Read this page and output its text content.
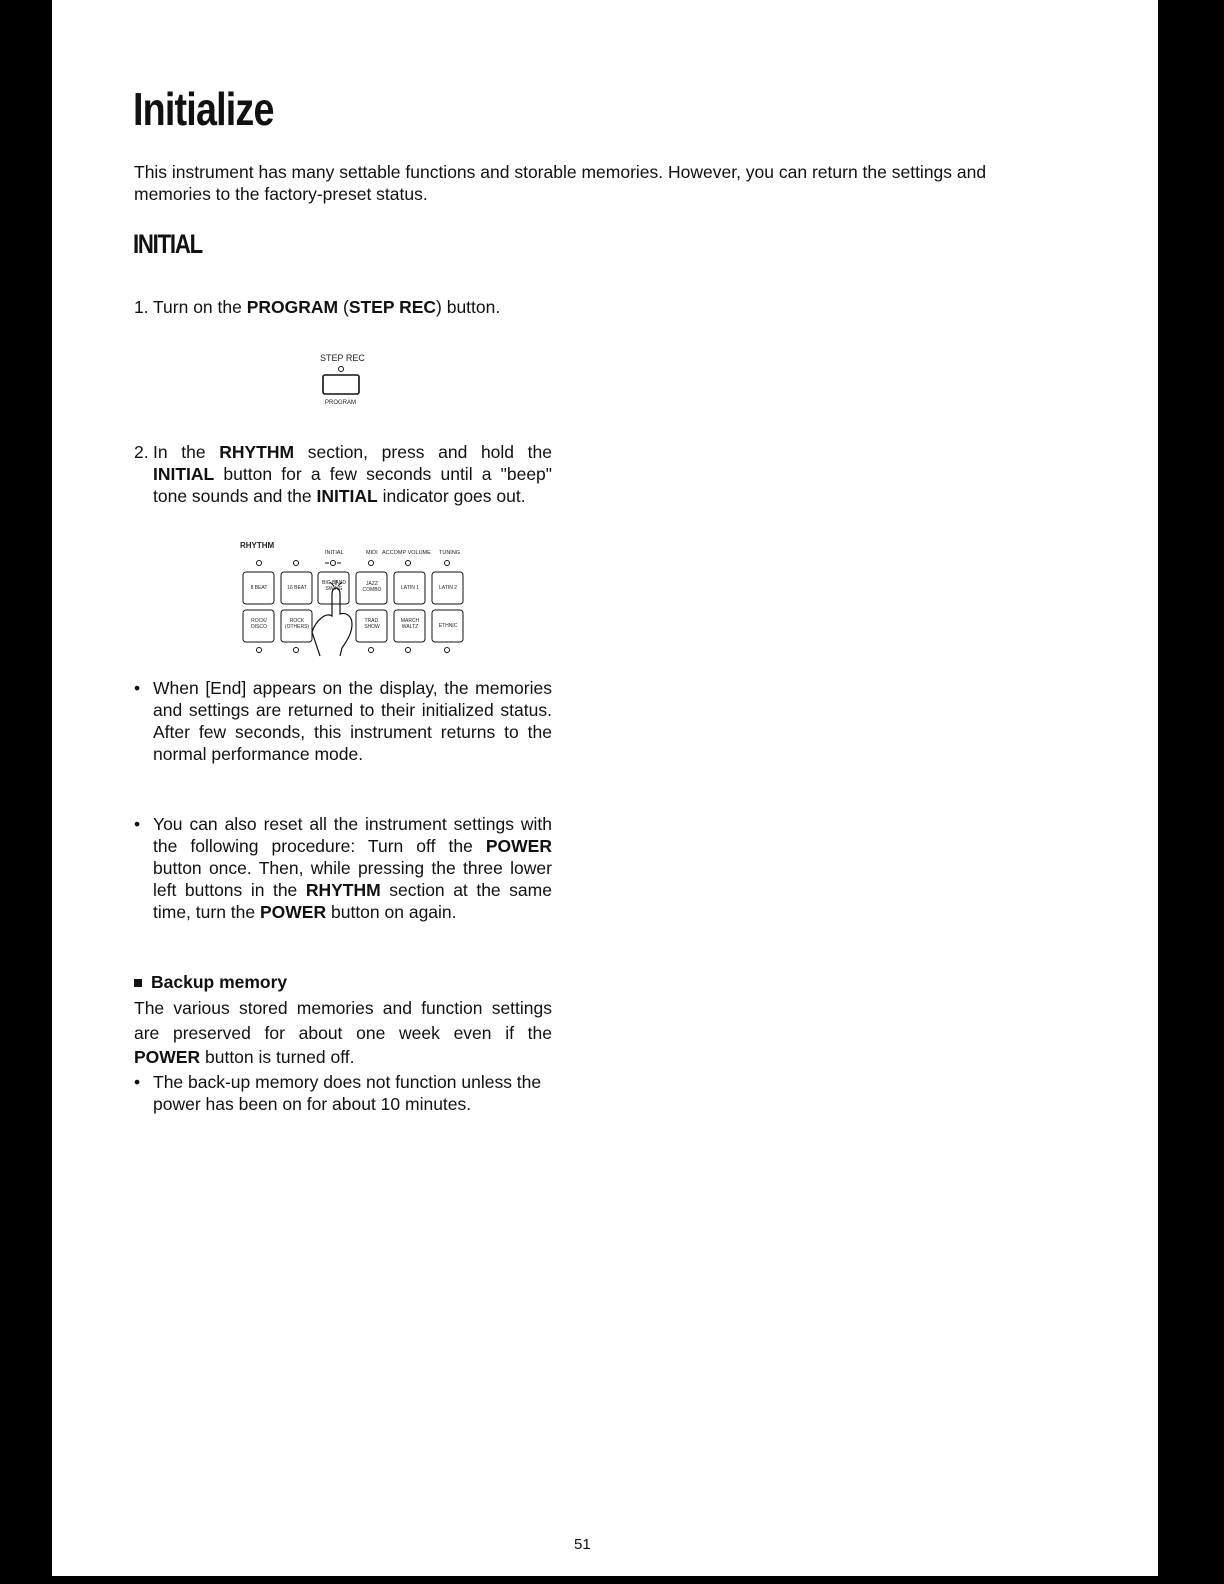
Initialize

This instrument has many settable functions and storable memories. However, you can return the settings and memories to the factory-preset status.

INITIAL
1. Turn on the PROGRAM (STEP REC) button.
STEP REC
PROGRAM
2. In the RHYTHM section, press and hold the INITIAL button for a few seconds until a "beep" tone sounds and the INITIAL indicator goes out.
RHYTHM
INITIAL	MIDI ACCOMP VOLUME TUNING
8 BEAT	16 BEAT
BIG BAND SWING
JAZZ COMBO	LATIN 1	LATIN 2
ROCK/ DISCO
ROCK (OTHERS)
TRAD. SHOW
MARCH WALTZ	ETHNIC
• When [End] appears on the display, the memories and settings are returned to their initialized status. After few seconds, this instrument returns to the normal performance mode.
• You can also reset all the instrument settings with the following procedure: Turn off the POWER button once. Then, while pressing the three lower left buttons in the RHYTHM section at the same time, turn the POWER button on again.
Backup memory
The various stored memories and function settings are preserved for about one week even if the POWER button is turned off.
• The back-up memory does not function unless the power has been on for about 10 minutes.
51
